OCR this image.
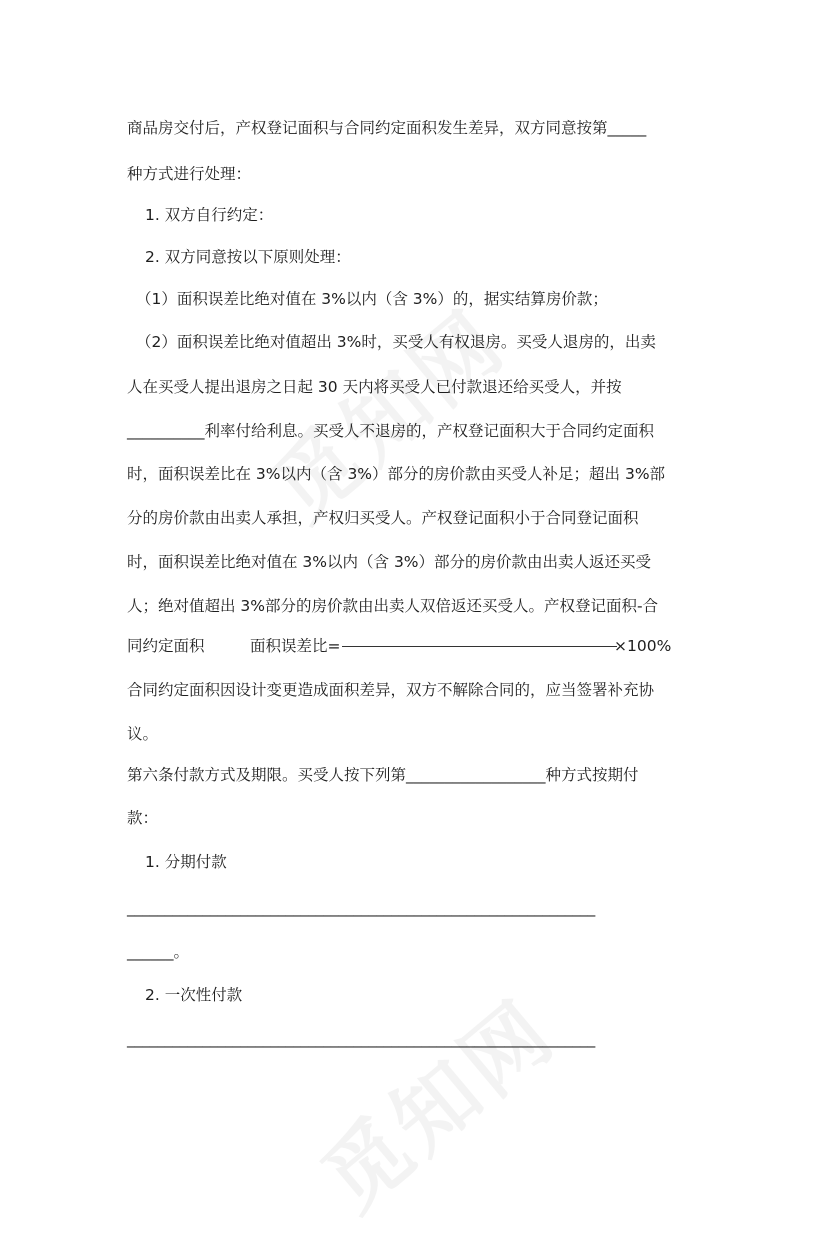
商品房交付后，产权登记面积与合同约定面积发生差异，双方同意按第_____

种方式进行处理：

1. 双方自行约定：

2. 双方同意按以下原则处理：

（1）面积误差比绝对值在 3%以内（含 3%）的，据实结算房价款；

（2）面积误差比绝对值超出 3%时，买受人有权退房。买受人退房的，出卖

人在买受人提出退房之日起 30 天内将买受人已付款退还给买受人，并按

__________利率付给利息。买受人不退房的，产权登记面积大于合同约定面积

时，面积误差比在 3%以内（含 3%）部分的房价款由买受人补足；超出 3%部

分的房价款由出卖人承担，产权归买受人。产权登记面积小于合同登记面积

时，面积误差比绝对值在 3%以内（含 3%）部分的房价款由出卖人返还买受

人；绝对值超出 3%部分的房价款由出卖人双倍返还买受人。产权登记面积-合

同约定面积	面积误差比=	×100%

合同约定面积因设计变更造成面积差异，双方不解除合同的，应当签署补充协

议。

第六条付款方式及期限。买受人按下列第__________________种方式按期付

款：

1. 分期付款

______________________________________________________________

______。

2. 一次性付款

______________________________________________________________
